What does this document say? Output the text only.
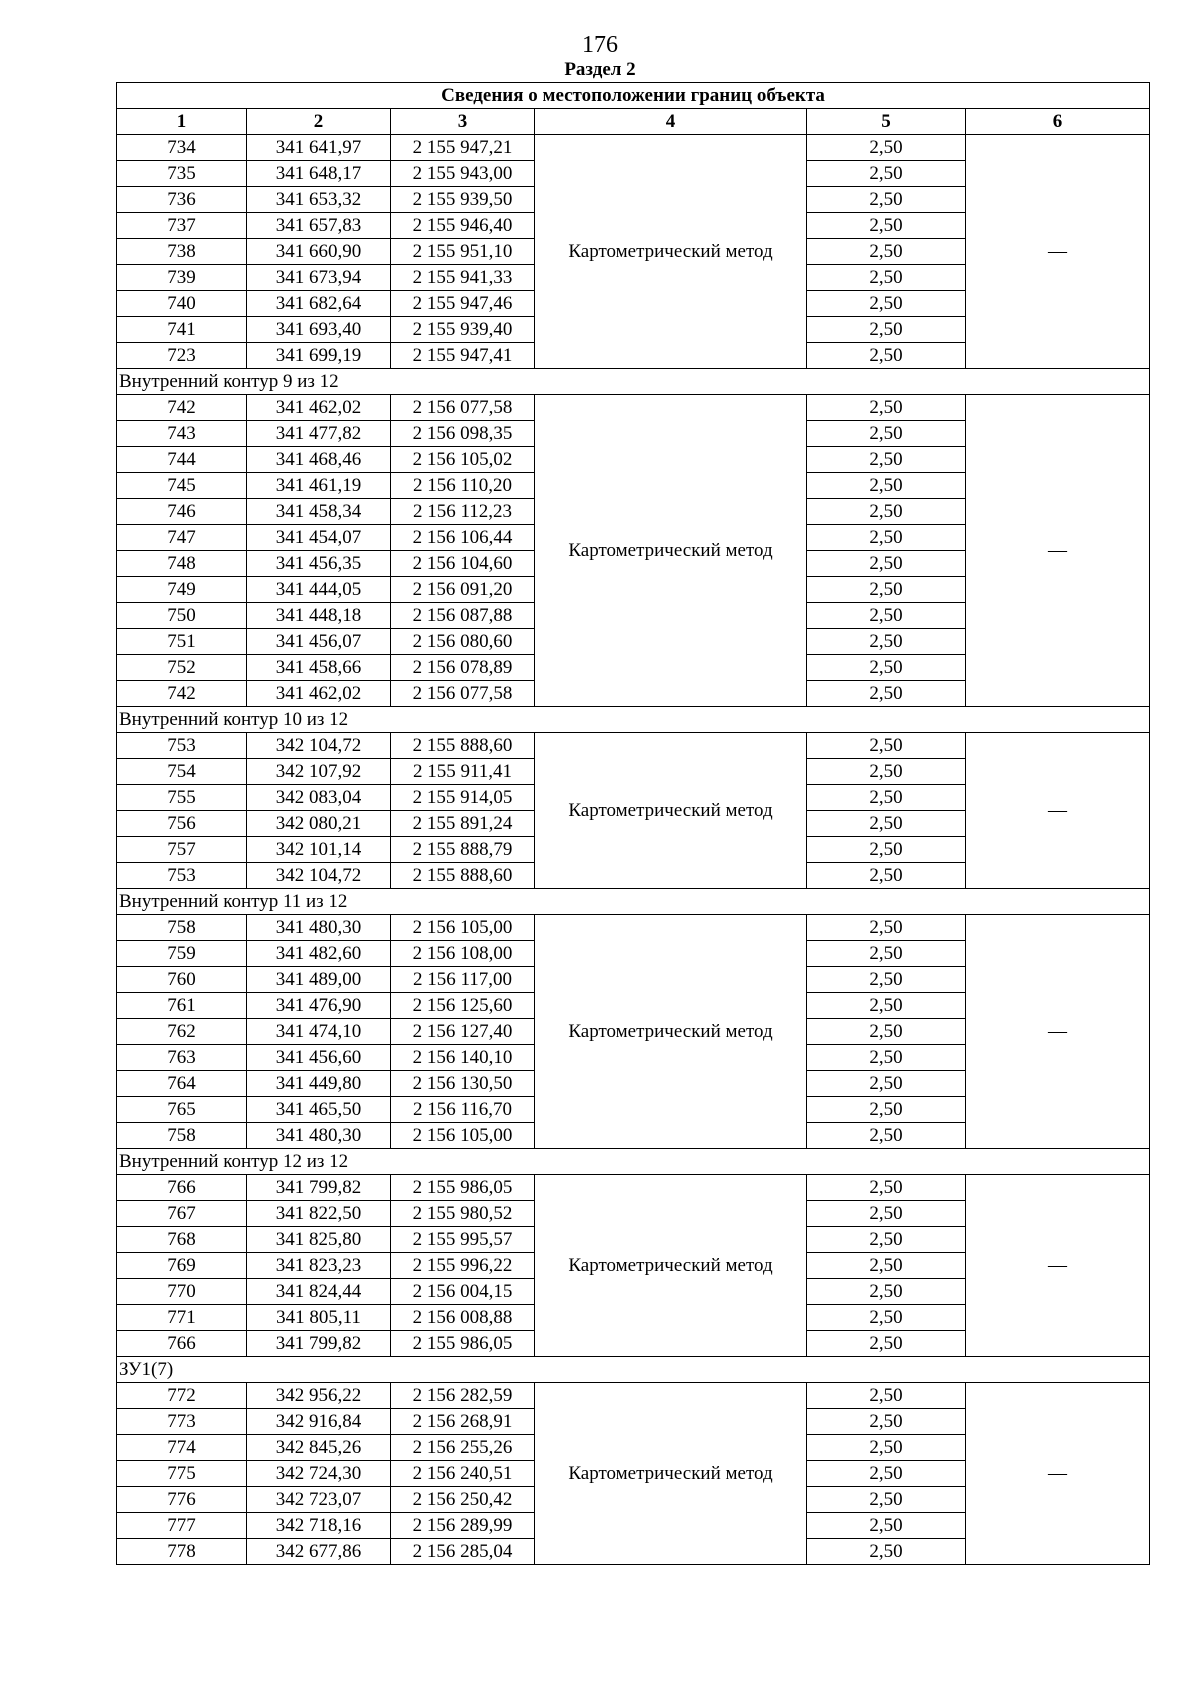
176
Раздел 2
Сведения о местоположении границ объекта					
1	2	3	4	5	6
734	341 641,97	2 155 947,21	Картометрический метод	2,50	—
735	341 648,17	2 155 943,00		2,50	
736	341 653,32	2 155 939,50		2,50	
737	341 657,83	2 155 946,40		2,50	
738	341 660,90	2 155 951,10		2,50	
739	341 673,94	2 155 941,33		2,50	
740	341 682,64	2 155 947,46		2,50	
741	341 693,40	2 155 939,40		2,50	
723	341 699,19	2 155 947,41		2,50	
Внутренний контур 9 из 12					
742	341 462,02	2 156 077,58	Картометрический метод	2,50	—
743	341 477,82	2 156 098,35		2,50	
744	341 468,46	2 156 105,02		2,50	
745	341 461,19	2 156 110,20		2,50	
746	341 458,34	2 156 112,23		2,50	
747	341 454,07	2 156 106,44		2,50	
748	341 456,35	2 156 104,60		2,50	
749	341 444,05	2 156 091,20		2,50	
750	341 448,18	2 156 087,88		2,50	
751	341 456,07	2 156 080,60		2,50	
752	341 458,66	2 156 078,89		2,50	
742	341 462,02	2 156 077,58		2,50	
Внутренний контур 10 из 12					
753	342 104,72	2 155 888,60	Картометрический метод	2,50	—
754	342 107,92	2 155 911,41		2,50	
755	342 083,04	2 155 914,05		2,50	
756	342 080,21	2 155 891,24		2,50	
757	342 101,14	2 155 888,79		2,50	
753	342 104,72	2 155 888,60		2,50	
Внутренний контур 11 из 12					
758	341 480,30	2 156 105,00	Картометрический метод	2,50	—
759	341 482,60	2 156 108,00		2,50	
760	341 489,00	2 156 117,00		2,50	
761	341 476,90	2 156 125,60		2,50	
762	341 474,10	2 156 127,40		2,50	
763	341 456,60	2 156 140,10		2,50	
764	341 449,80	2 156 130,50		2,50	
765	341 465,50	2 156 116,70		2,50	
758	341 480,30	2 156 105,00		2,50	
Внутренний контур 12 из 12					
766	341 799,82	2 155 986,05	Картометрический метод	2,50	—
767	341 822,50	2 155 980,52		2,50	
768	341 825,80	2 155 995,57		2,50	
769	341 823,23	2 155 996,22		2,50	
770	341 824,44	2 156 004,15		2,50	
771	341 805,11	2 156 008,88		2,50	
766	341 799,82	2 155 986,05		2,50	
ЗУ1(7)					
772	342 956,22	2 156 282,59	Картометрический метод	2,50	—
773	342 916,84	2 156 268,91		2,50	
774	342 845,26	2 156 255,26		2,50	
775	342 724,30	2 156 240,51		2,50	
776	342 723,07	2 156 250,42		2,50	
777	342 718,16	2 156 289,99		2,50	
778	342 677,86	2 156 285,04		2,50	
